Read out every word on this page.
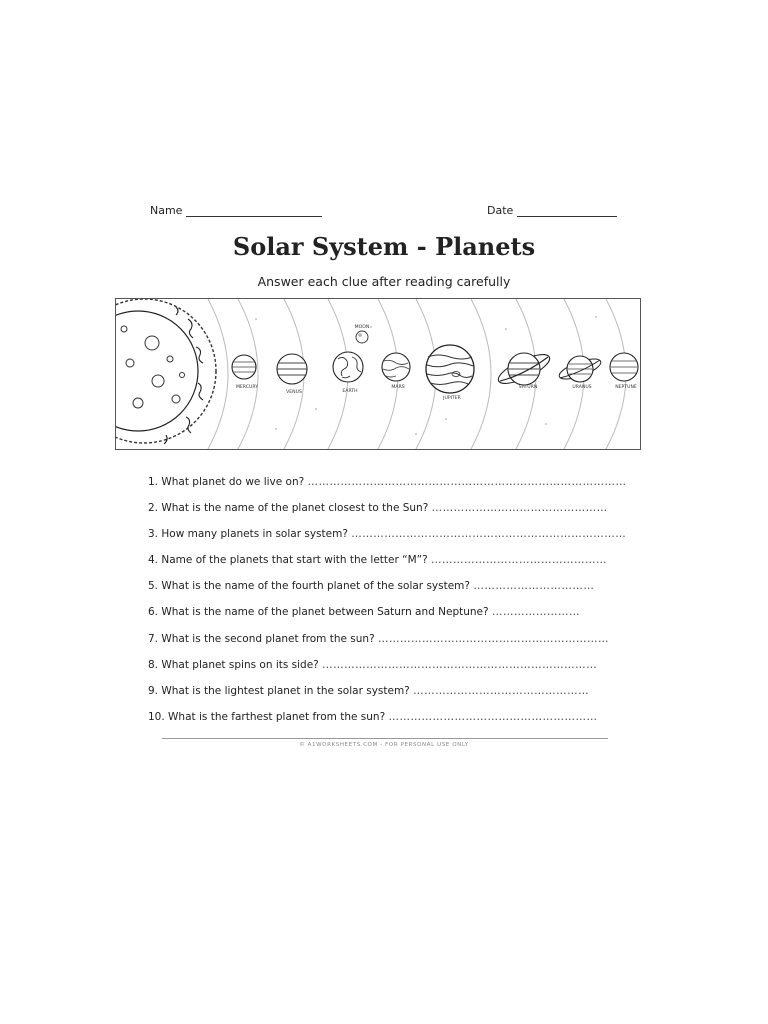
Name	Date
Solar System - Planets
Answer each clue after reading carefully
MOON
MERCURY
VENUS	EARTH
MARS
JUPITER
SATURN	URANUS	NEPTUNE
1. What planet do we live on? ……………………………………………………………………………
2. What is the name of the planet closest to the Sun? …………………………………………
3. How many planets in solar system? …………………………………………………………………
4. Name of the planets that start with the letter “M”? …………………………………………
5. What is the name of the fourth planet of the solar system? ……………………………
6. What is the name of the planet between Saturn and Neptune? ……………………
7. What is the second planet from the sun? ………………………………………………………
8. What planet spins on its side? …………………………………………………………………
9. What is the lightest planet in the solar system? …………………………………………
10. What is the farthest planet from the sun? …………………………………………………
© A1WORKSHEETS.COM - FOR PERSONAL USE ONLY
